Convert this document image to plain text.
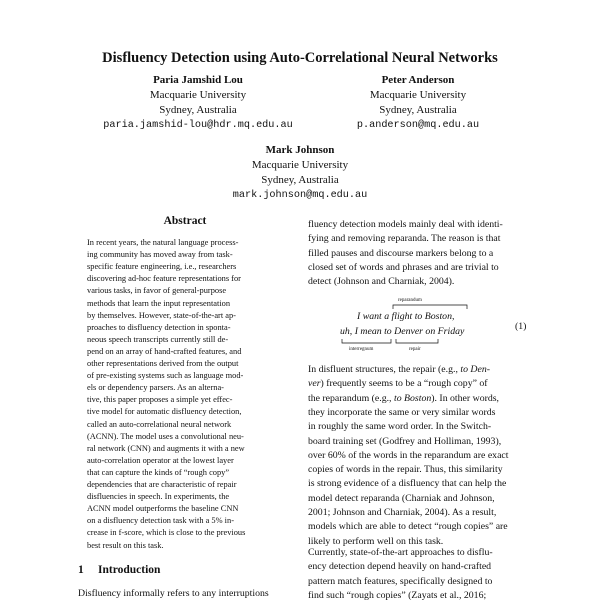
Disfluency Detection using Auto-Correlational Neural Networks
Paria Jamshid Lou
Macquarie University
Sydney, Australia
paria.jamshid-lou@hdr.mq.edu.au
Peter Anderson
Macquarie University
Sydney, Australia
p.anderson@mq.edu.au
Mark Johnson
Macquarie University
Sydney, Australia
mark.johnson@mq.edu.au
Abstract
In recent years, the natural language process-
ing community has moved away from task-
specific feature engineering, i.e., researchers
discovering ad-hoc feature representations for
various tasks, in favor of general-purpose
methods that learn the input representation
by themselves. However, state-of-the-art ap-
proaches to disfluency detection in sponta-
neous speech transcripts currently still de-
pend on an array of hand-crafted features, and
other representations derived from the output
of pre-existing systems such as language mod-
els or dependency parsers. As an alterna-
tive, this paper proposes a simple yet effec-
tive model for automatic disfluency detection,
called an auto-correlational neural network
(ACNN). The model uses a convolutional neu-
ral network (CNN) and augments it with a new
auto-correlation operator at the lowest layer
that can capture the kinds of “rough copy”
dependencies that are characteristic of repair
disfluencies in speech. In experiments, the
ACNN model outperforms the baseline CNN
on a disfluency detection task with a 5% in-
crease in f-score, which is close to the previous
best result on this task.
1 Introduction
Disfluency informally refers to any interruptions
fluency detection models mainly deal with identi-
fying and removing reparanda. The reason is that
filled pauses and discourse markers belong to a
closed set of words and phrases and are trivial to
detect (Johnson and Charniak, 2004).
reparandum
I want a flight to Boston,
uh, I mean to Denver on Friday	(1)
interregnum	repair
In disfluent structures, the repair (e.g., to Den-
ver) frequently seems to be a “rough copy” of
the reparandum (e.g., to Boston). In other words,
they incorporate the same or very similar words
in roughly the same word order. In the Switch-
board training set (Godfrey and Holliman, 1993),
over 60% of the words in the reparandum are exact
copies of words in the repair. Thus, this similarity
is strong evidence of a disfluency that can help the
model detect reparanda (Charniak and Johnson,
2001; Johnson and Charniak, 2004). As a result,
models which are able to detect “rough copies” are
likely to perform well on this task.
Currently, state-of-the-art approaches to disflu-
ency detection depend heavily on hand-crafted
pattern match features, specifically designed to
find such “rough copies” (Zayats et al., 2016;
